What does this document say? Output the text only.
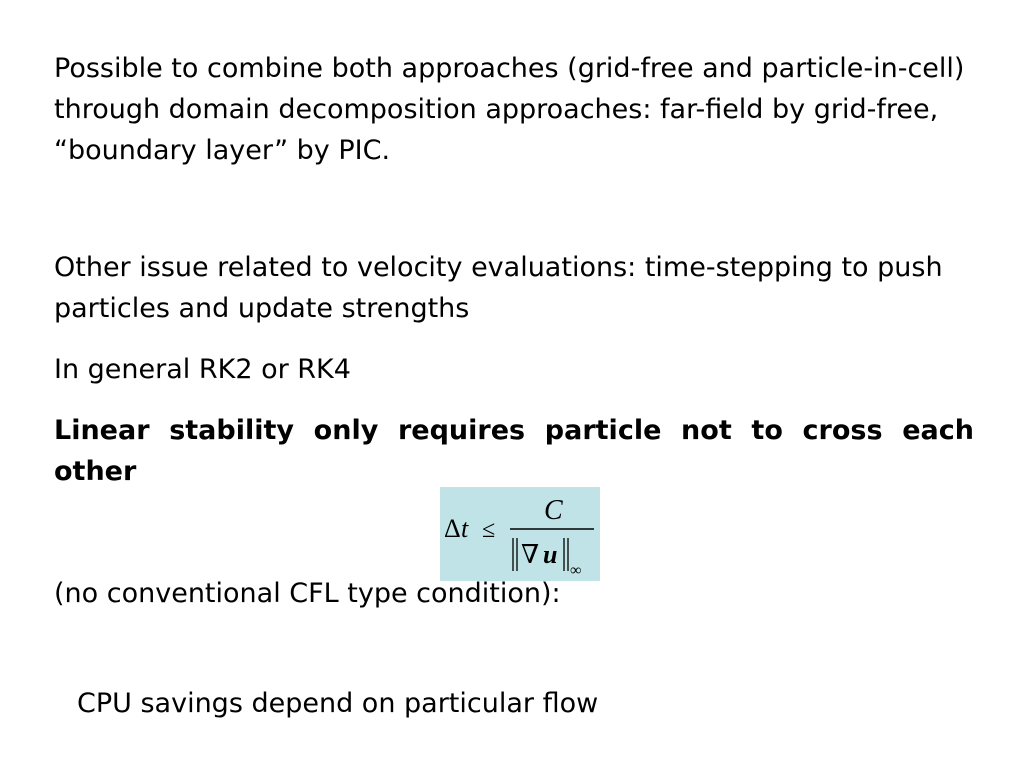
Possible to combine both approaches (grid-free and particle-in-cell) through domain decomposition approaches: far-field by grid-free, “boundary layer” by PIC.

Other issue related to velocity evaluations: time-stepping to push particles and update strengths

In general RK2 or RK4

Linear stability only requires particle not to cross each other

Δ t ≤
C
∇ u
∞

(no conventional CFL type condition):

CPU savings depend on particular flow
